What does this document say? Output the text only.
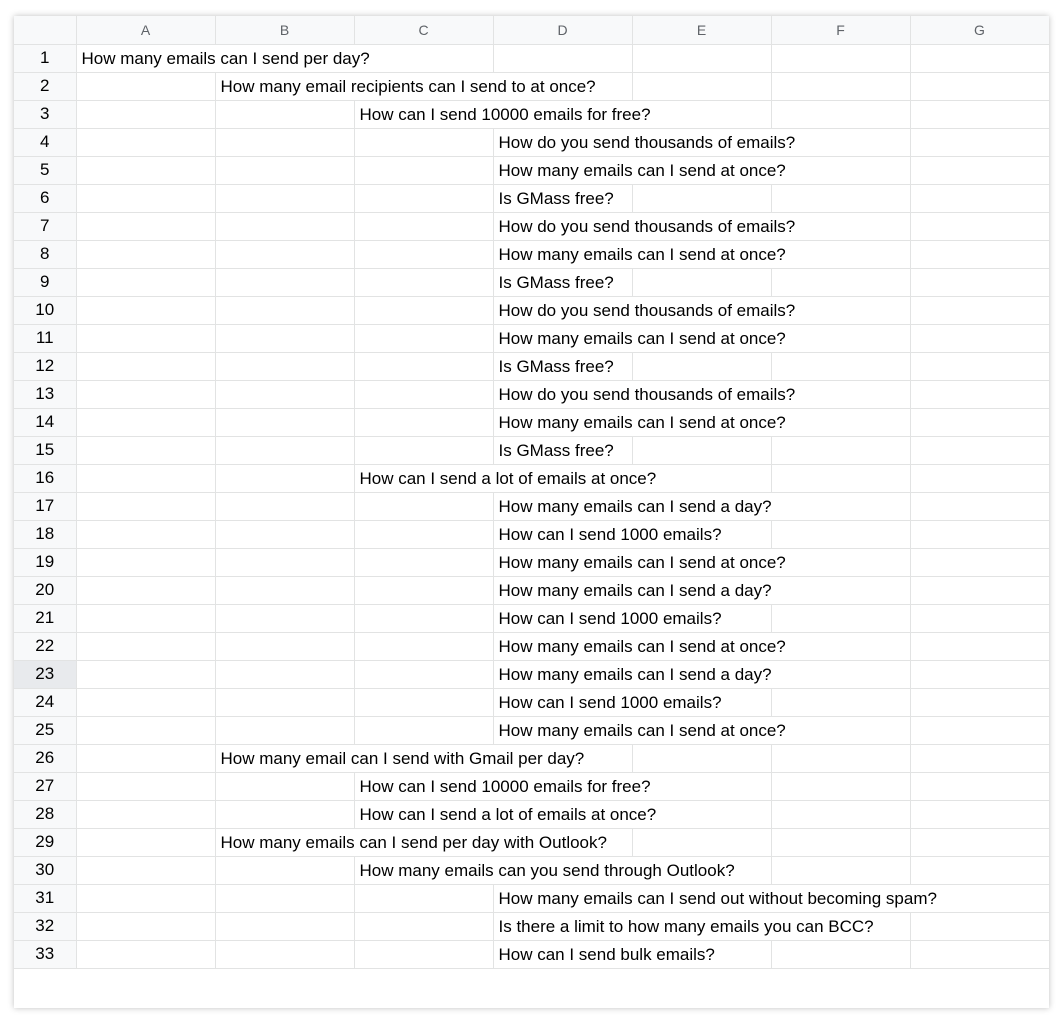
	A	B	C	D	E	F	G
1	How many emails can I send per day?						

2		How many email recipients can I send to at once?					

3			How can I send 10000 emails for free?				

4				How do you send thousands of emails?			

5				How many emails can I send at once?			

6				Is GMass free?			

7				How do you send thousands of emails?			

8				How many emails can I send at once?			

9				Is GMass free?			

10				How do you send thousands of emails?			

11				How many emails can I send at once?			

12				Is GMass free?			

13				How do you send thousands of emails?			

14				How many emails can I send at once?			

15				Is GMass free?			

16			How can I send a lot of emails at once?				

17				How many emails can I send a day?			

18				How can I send 1000 emails?			

19				How many emails can I send at once?			

20				How many emails can I send a day?			

21				How can I send 1000 emails?			

22				How many emails can I send at once?			

23				How many emails can I send a day?			

24				How can I send 1000 emails?			

25				How many emails can I send at once?			

26		How many email can I send with Gmail per day?					

27			How can I send 10000 emails for free?				

28			How can I send a lot of emails at once?				

29		How many emails can I send per day with Outlook?					

30			How many emails can you send through Outlook?				

31				How many emails can I send out without becoming spam?			

32				Is there a limit to how many emails you can BCC?			

33				How can I send bulk emails?			
